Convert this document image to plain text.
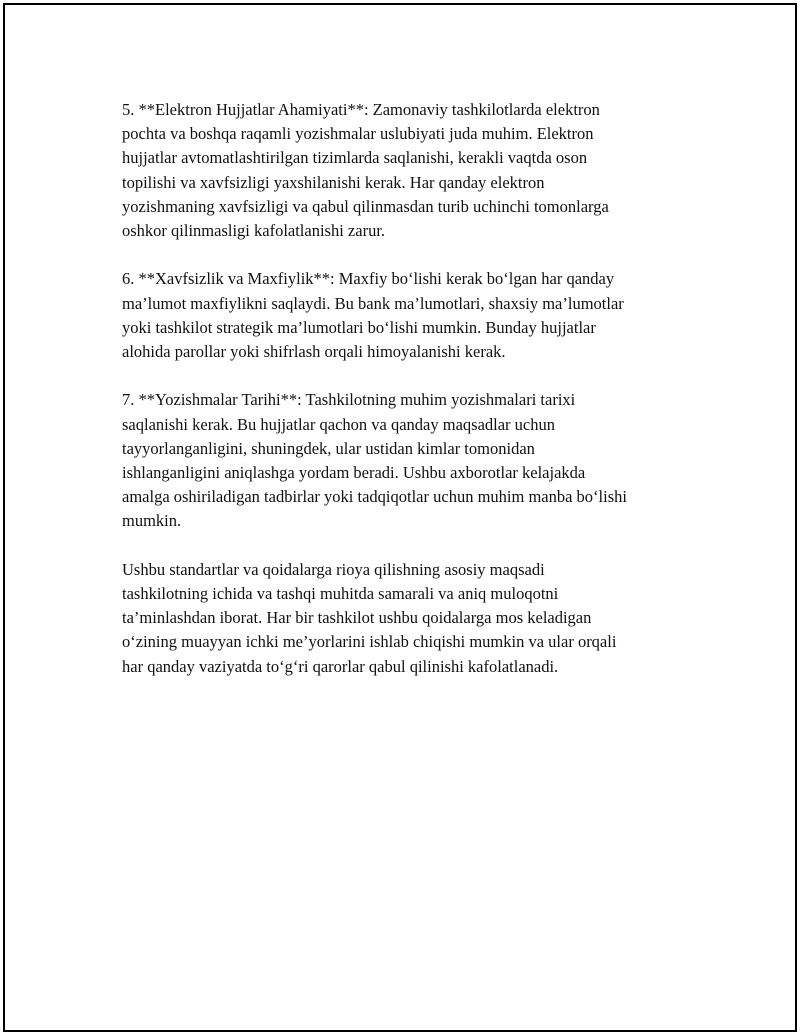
5. **Elektron Hujjatlar Ahamiyati**: Zamonaviy tashkilotlarda elektron
pochta va boshqa raqamli yozishmalar uslubiyati juda muhim. Elektron
hujjatlar avtomatlashtirilgan tizimlarda saqlanishi, kerakli vaqtda oson
topilishi va xavfsizligi yaxshilanishi kerak. Har qanday elektron
yozishmaning xavfsizligi va qabul qilinmasdan turib uchinchi tomonlarga
oshkor qilinmasligi kafolatlanishi zarur.

6. **Xavfsizlik va Maxfiylik**: Maxfiy bo‘lishi kerak bo‘lgan har qanday
ma’lumot maxfiylikni saqlaydi. Bu bank ma’lumotlari, shaxsiy ma’lumotlar
yoki tashkilot strategik ma’lumotlari bo‘lishi mumkin. Bunday hujjatlar
alohida parollar yoki shifrlash orqali himoyalanishi kerak.

7. **Yozishmalar Tarihi**: Tashkilotning muhim yozishmalari tarixi
saqlanishi kerak. Bu hujjatlar qachon va qanday maqsadlar uchun
tayyorlanganligini, shuningdek, ular ustidan kimlar tomonidan
ishlanganligini aniqlashga yordam beradi. Ushbu axborotlar kelajakda
amalga oshiriladigan tadbirlar yoki tadqiqotlar uchun muhim manba bo‘lishi
mumkin.

Ushbu standartlar va qoidalarga rioya qilishning asosiy maqsadi
tashkilotning ichida va tashqi muhitda samarali va aniq muloqotni
ta’minlashdan iborat. Har bir tashkilot ushbu qoidalarga mos keladigan
o‘zining muayyan ichki me’yorlarini ishlab chiqishi mumkin va ular orqali
har qanday vaziyatda to‘g‘ri qarorlar qabul qilinishi kafolatlanadi.
